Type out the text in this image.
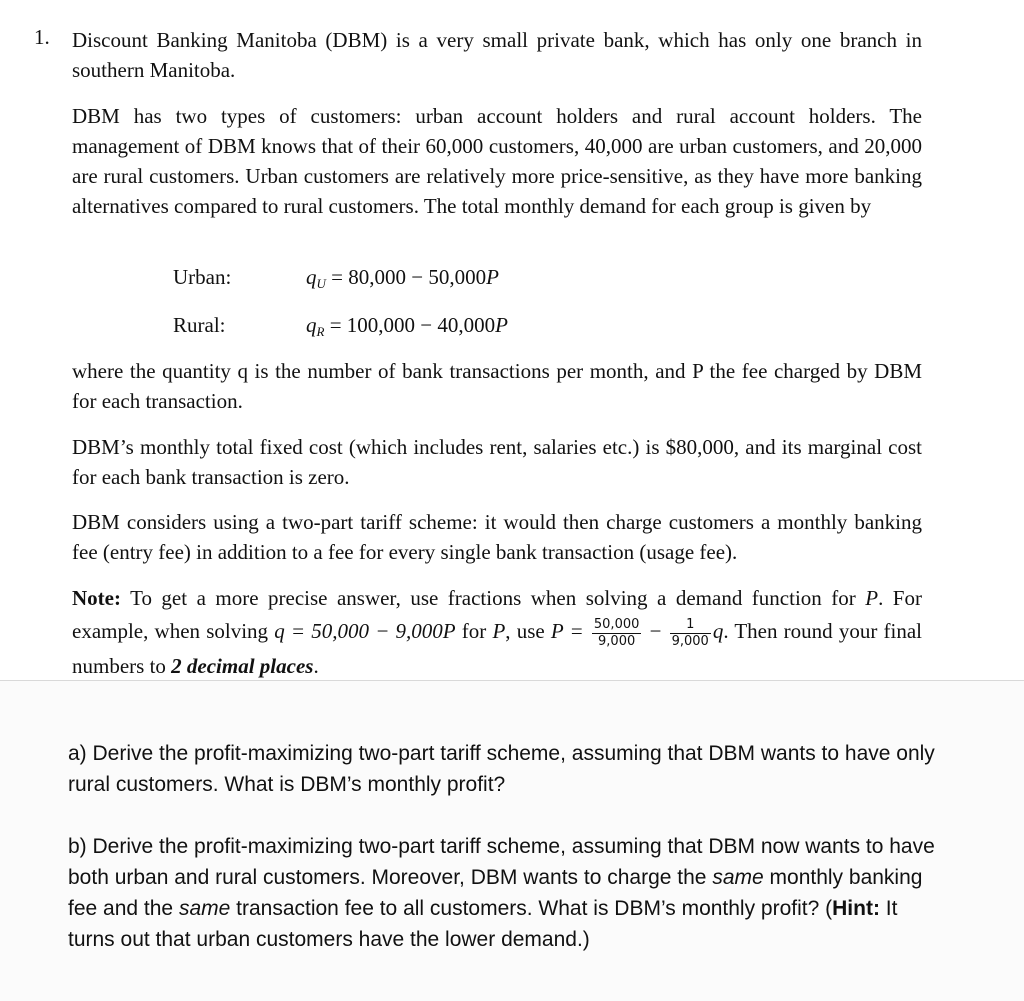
1. Discount Banking Manitoba (DBM) is a very small private bank, which has only one branch in southern Manitoba.
DBM has two types of customers: urban account holders and rural account holders. The management of DBM knows that of their 60,000 customers, 40,000 are urban customers, and 20,000 are rural customers. Urban customers are relatively more price-sensitive, as they have more banking alternatives compared to rural customers. The total monthly demand for each group is given by
Urban:	$q_U = 80,000 - 50,000P$
Rural:	$q_R = 100,000 - 40,000P$
where the quantity q is the number of bank transactions per month, and P the fee charged by DBM for each transaction.
DBM’s monthly total fixed cost (which includes rent, salaries etc.) is $80,000, and its marginal cost for each bank transaction is zero.
DBM considers using a two-part tariff scheme: it would then charge customers a monthly banking fee (entry fee) in addition to a fee for every single bank transaction (usage fee).
Note: To get a more precise answer, use fractions when solving a demand function for P. For example, when solving q = 50,000 − 9,000P for P, use $P = \frac{50,000}{9,000} - \frac{1}{9,000} q$. Then round your final numbers to 2 decimal places.
a) Derive the profit-maximizing two-part tariff scheme, assuming that DBM wants to have only rural customers. What is DBM’s monthly profit?
b) Derive the profit-maximizing two-part tariff scheme, assuming that DBM now wants to have both urban and rural customers. Moreover, DBM wants to charge the same monthly banking fee and the same transaction fee to all customers. What is DBM’s monthly profit? (Hint: It turns out that urban customers have the lower demand.)
